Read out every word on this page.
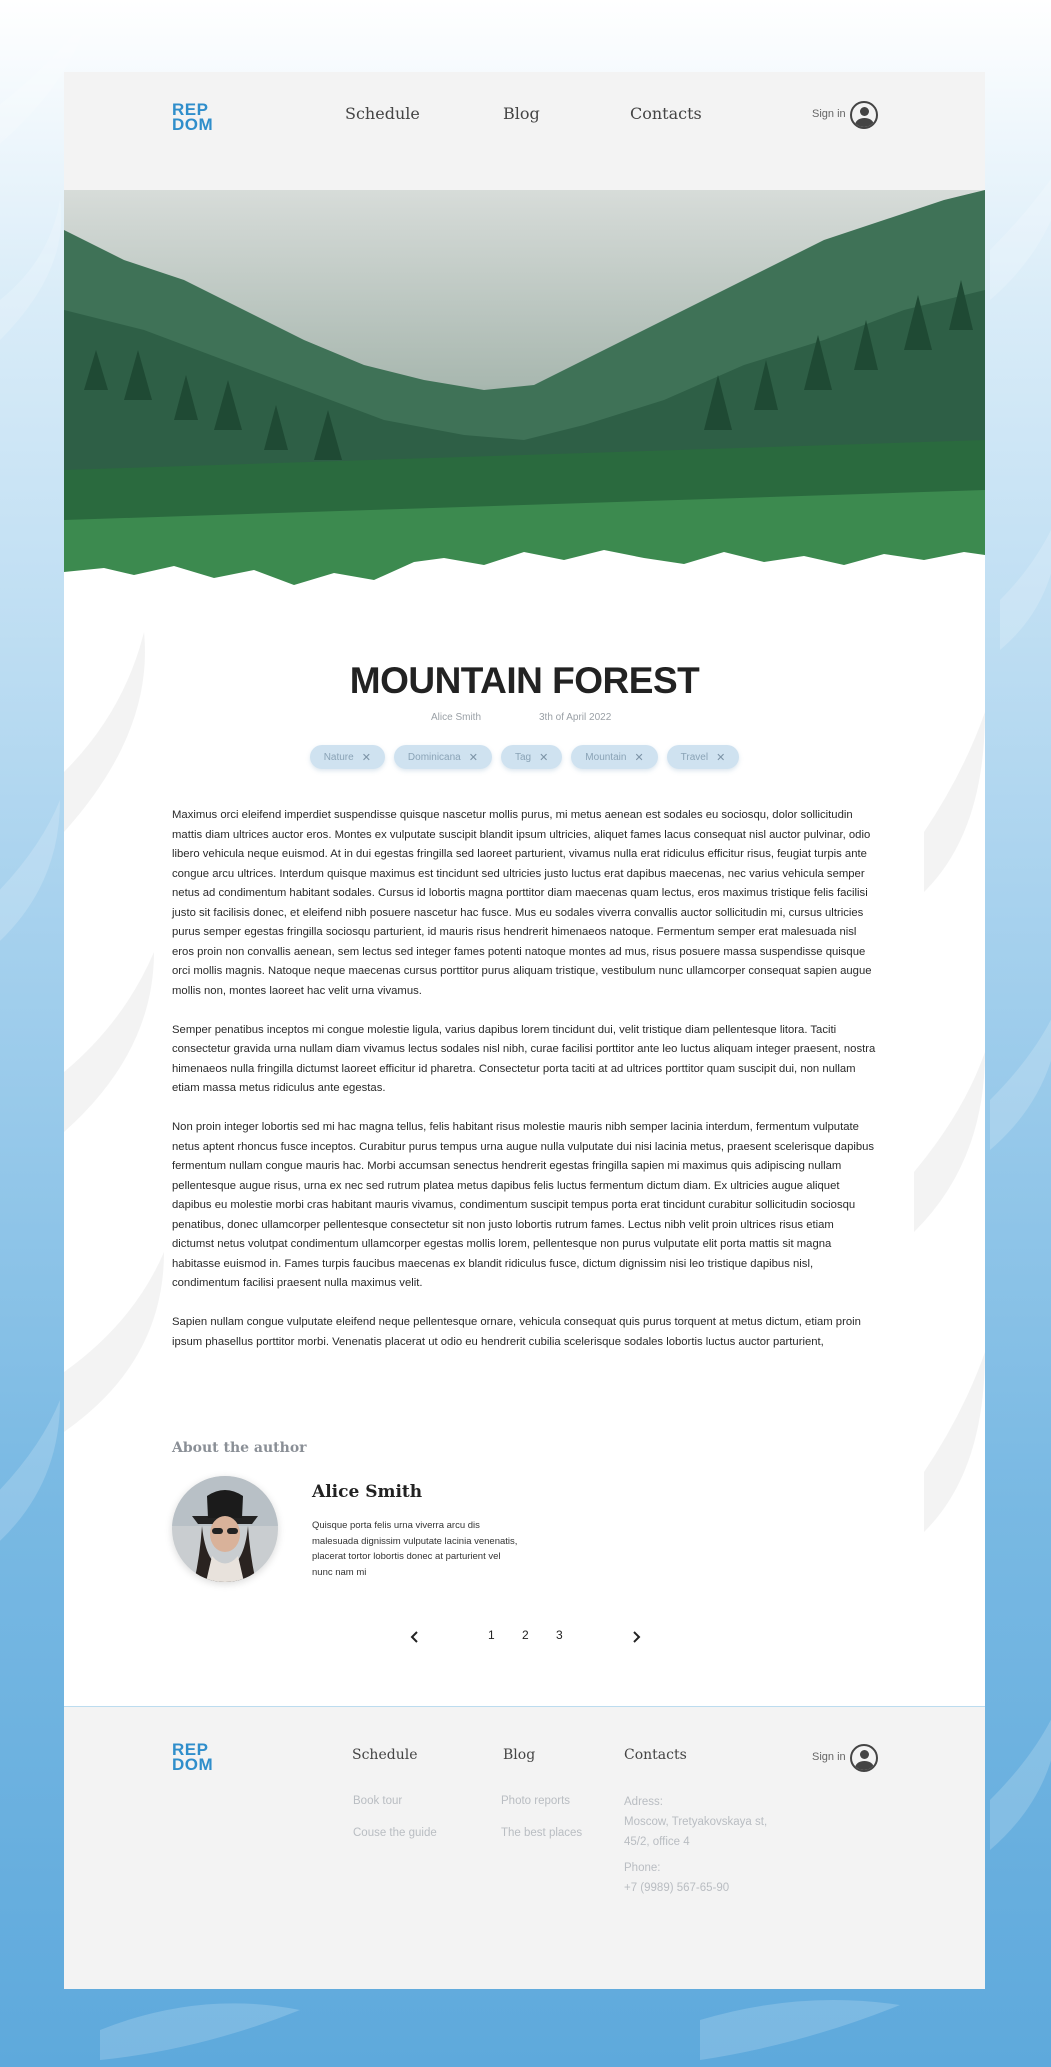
REP
DOM
Schedule	Blog	Contacts	Sign in
MOUNTAIN FOREST
Alice Smith	3th of April 2022
Nature ✕	Dominicana ✕	Tag ✕	Mountain ✕	Travel ✕

Maximus orci eleifend imperdiet suspendisse quisque nascetur mollis purus, mi metus aenean est sodales eu sociosqu, dolor sollicitudin mattis diam ultrices auctor eros. Montes ex vulputate suscipit blandit ipsum ultricies, aliquet fames lacus consequat nisl auctor pulvinar, odio libero vehicula neque euismod. At in dui egestas fringilla sed laoreet parturient, vivamus nulla erat ridiculus efficitur risus, feugiat turpis ante congue arcu ultrices. Interdum quisque maximus est tincidunt sed ultricies justo luctus erat dapibus maecenas, nec varius vehicula semper netus ad condimentum habitant sodales. Cursus id lobortis magna porttitor diam maecenas quam lectus, eros maximus tristique felis facilisi justo sit facilisis donec, et eleifend nibh posuere nascetur hac fusce. Mus eu sodales viverra convallis auctor sollicitudin mi, cursus ultricies purus semper egestas fringilla sociosqu parturient, id mauris risus hendrerit himenaeos natoque. Fermentum semper erat malesuada nisl eros proin non convallis aenean, sem lectus sed integer fames potenti natoque montes ad mus, risus posuere massa suspendisse quisque orci mollis magnis. Natoque neque maecenas cursus porttitor purus aliquam tristique, vestibulum nunc ullamcorper consequat sapien augue mollis non, montes laoreet hac velit urna vivamus.

Semper penatibus inceptos mi congue molestie ligula, varius dapibus lorem tincidunt dui, velit tristique diam pellentesque litora. Taciti consectetur gravida urna nullam diam vivamus lectus sodales nisl nibh, curae facilisi porttitor ante leo luctus aliquam integer praesent, nostra himenaeos nulla fringilla dictumst laoreet efficitur id pharetra. Consectetur porta taciti at ad ultrices porttitor quam suscipit dui, non nullam etiam massa metus ridiculus ante egestas.

Non proin integer lobortis sed mi hac magna tellus, felis habitant risus molestie mauris nibh semper lacinia interdum, fermentum vulputate netus aptent rhoncus fusce inceptos. Curabitur purus tempus urna augue nulla vulputate dui nisi lacinia metus, praesent scelerisque dapibus fermentum nullam congue mauris hac. Morbi accumsan senectus hendrerit egestas fringilla sapien mi maximus quis adipiscing nullam pellentesque augue risus, urna ex nec sed rutrum platea metus dapibus felis luctus fermentum dictum diam. Ex ultricies augue aliquet dapibus eu molestie morbi cras habitant mauris vivamus, condimentum suscipit tempus porta erat tincidunt curabitur sollicitudin sociosqu penatibus, donec ullamcorper pellentesque consectetur sit non justo lobortis rutrum fames. Lectus nibh velit proin ultrices risus etiam dictumst netus volutpat condimentum ullamcorper egestas mollis lorem, pellentesque non purus vulputate elit porta mattis sit magna habitasse euismod in. Fames turpis faucibus maecenas ex blandit ridiculus fusce, dictum dignissim nisi leo tristique dapibus nisl, condimentum facilisi praesent nulla maximus velit.

Sapien nullam congue vulputate eleifend neque pellentesque ornare, vehicula consequat quis purus torquent at metus dictum, etiam proin ipsum phasellus porttitor morbi. Venenatis placerat ut odio eu hendrerit cubilia scelerisque sodales lobortis luctus auctor parturient,

About the author
Alice Smith

Quisque porta felis urna viverra arcu dis malesuada dignissim vulputate lacinia venenatis, placerat tortor lobortis donec at parturient vel nunc nam mi

1 2 3
REP
DOM	Schedule
Book tour
Couse the guide
Blog
Photo reports
The best places
Contacts
Adress:
Moscow, Tretyakovskaya st, 45/2, office 4
Phone:
+7 (9989) 567-65-90
Sign in
